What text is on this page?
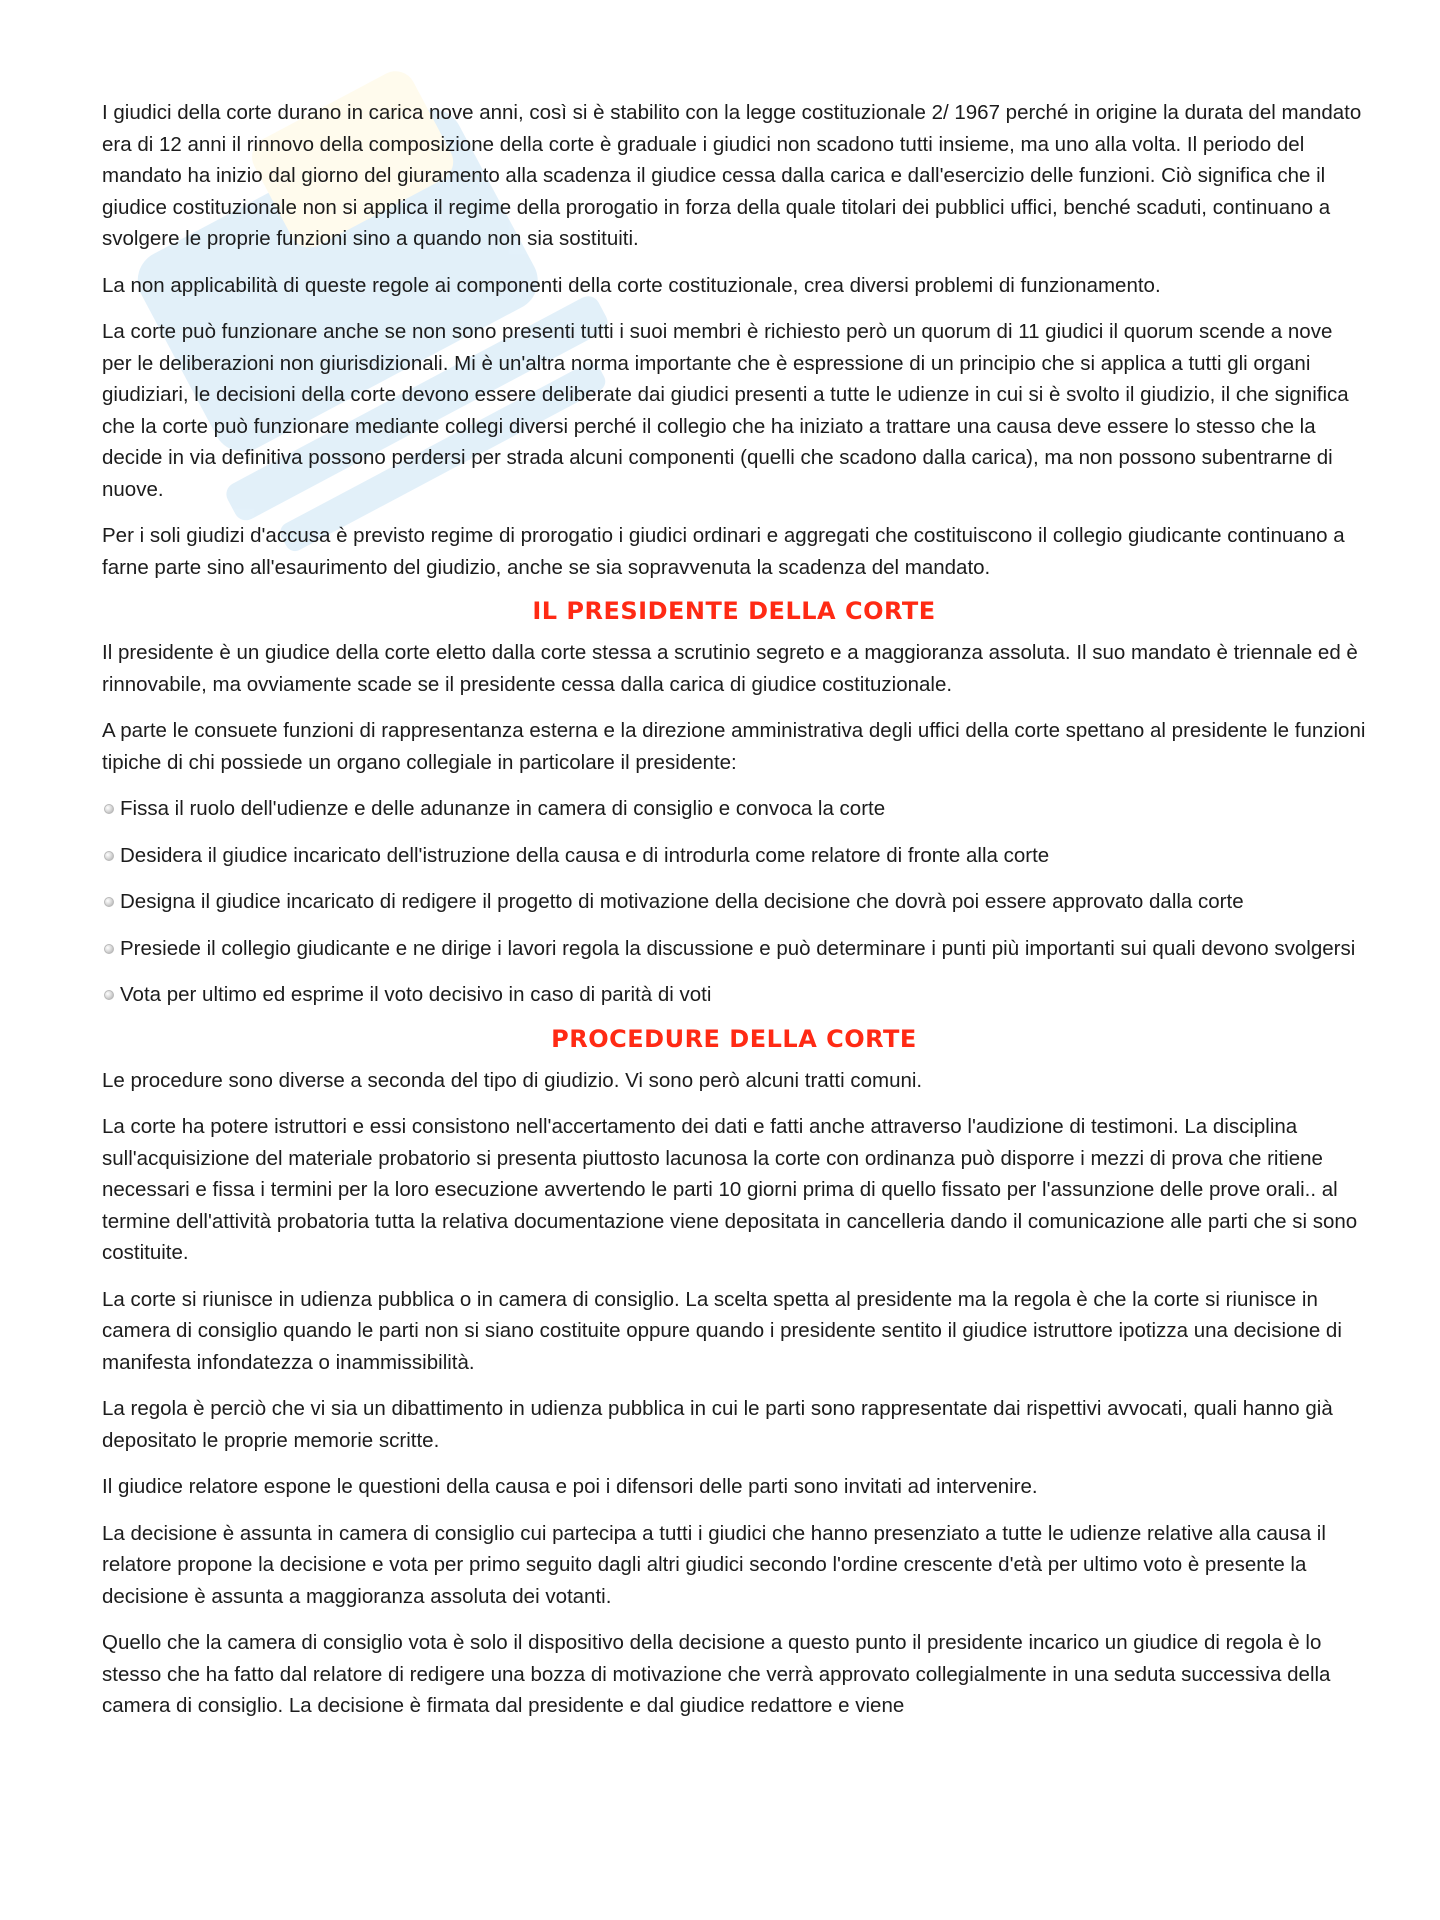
I giudici della corte durano in carica nove anni, così si è stabilito con la legge costituzionale 2/ 1967 perché in origine la durata del mandato era di 12 anni il rinnovo della composizione della corte è graduale i giudici non scadono tutti insieme, ma uno alla volta. Il periodo del mandato ha inizio dal giorno del giuramento alla scadenza il giudice cessa dalla carica e dall'esercizio delle funzioni. Ciò significa che il giudice costituzionale non si applica il regime della prorogatio in forza della quale titolari dei pubblici uffici, benché scaduti, continuano a svolgere le proprie funzioni sino a quando non sia sostituiti.

La non applicabilità di queste regole ai componenti della corte costituzionale, crea diversi problemi di funzionamento.

La corte può funzionare anche se non sono presenti tutti i suoi membri è richiesto però un quorum di 11 giudici il quorum scende a nove per le deliberazioni non giurisdizionali. Mi è un'altra norma importante che è espressione di un principio che si applica a tutti gli organi giudiziari, le decisioni della corte devono essere deliberate dai giudici presenti a tutte le udienze in cui si è svolto il giudizio, il che significa che la corte può funzionare mediante collegi diversi perché il collegio che ha iniziato a trattare una causa deve essere lo stesso che la decide in via definitiva possono perdersi per strada alcuni componenti (quelli che scadono dalla carica), ma non possono subentrarne di nuove.

Per i soli giudizi d'accusa è previsto regime di prorogatio i giudici ordinari e aggregati che costituiscono il collegio giudicante continuano a farne parte sino all'esaurimento del giudizio, anche se sia sopravvenuta la scadenza del mandato.

IL PRESIDENTE DELLA CORTE

Il presidente è un giudice della corte eletto dalla corte stessa a scrutinio segreto e a maggioranza assoluta. Il suo mandato è triennale ed è rinnovabile, ma ovviamente scade se il presidente cessa dalla carica di giudice costituzionale.

A parte le consuete funzioni di rappresentanza esterna e la direzione amministrativa degli uffici della corte spettano al presidente le funzioni tipiche di chi possiede un organo collegiale in particolare il presidente:

Fissa il ruolo dell'udienze e delle adunanze in camera di consiglio e convoca la corte
Desidera il giudice incaricato dell'istruzione della causa e di introdurla come relatore di fronte alla corte
Designa il giudice incaricato di redigere il progetto di motivazione della decisione che dovrà poi essere approvato dalla corte
Presiede il collegio giudicante e ne dirige i lavori regola la discussione e può determinare i punti più importanti sui quali devono svolgersi
Vota per ultimo ed esprime il voto decisivo in caso di parità di voti
PROCEDURE DELLA CORTE

Le procedure sono diverse a seconda del tipo di giudizio. Vi sono però alcuni tratti comuni.

La corte ha potere istruttori e essi consistono nell'accertamento dei dati e fatti anche attraverso l'audizione di testimoni. La disciplina sull'acquisizione del materiale probatorio si presenta piuttosto lacunosa la corte con ordinanza può disporre i mezzi di prova che ritiene necessari e fissa i termini per la loro esecuzione avvertendo le parti 10 giorni prima di quello fissato per l'assunzione delle prove orali.. al termine dell'attività probatoria tutta la relativa documentazione viene depositata in cancelleria dando il comunicazione alle parti che si sono costituite.

La corte si riunisce in udienza pubblica o in camera di consiglio. La scelta spetta al presidente ma la regola è che la corte si riunisce in camera di consiglio quando le parti non si siano costituite oppure quando i presidente sentito il giudice istruttore ipotizza una decisione di manifesta infondatezza o inammissibilità.

La regola è perciò che vi sia un dibattimento in udienza pubblica in cui le parti sono rappresentate dai rispettivi avvocati, quali hanno già depositato le proprie memorie scritte.

Il giudice relatore espone le questioni della causa e poi i difensori delle parti sono invitati ad intervenire.

La decisione è assunta in camera di consiglio cui partecipa a tutti i giudici che hanno presenziato a tutte le udienze relative alla causa il relatore propone la decisione e vota per primo seguito dagli altri giudici secondo l'ordine crescente d'età per ultimo voto è presente la decisione è assunta a maggioranza assoluta dei votanti.

Quello che la camera di consiglio vota è solo il dispositivo della decisione a questo punto il presidente incarico un giudice di regola è lo stesso che ha fatto dal relatore di redigere una bozza di motivazione che verrà approvato collegialmente in una seduta successiva della camera di consiglio. La decisione è firmata dal presidente e dal giudice redattore e viene
